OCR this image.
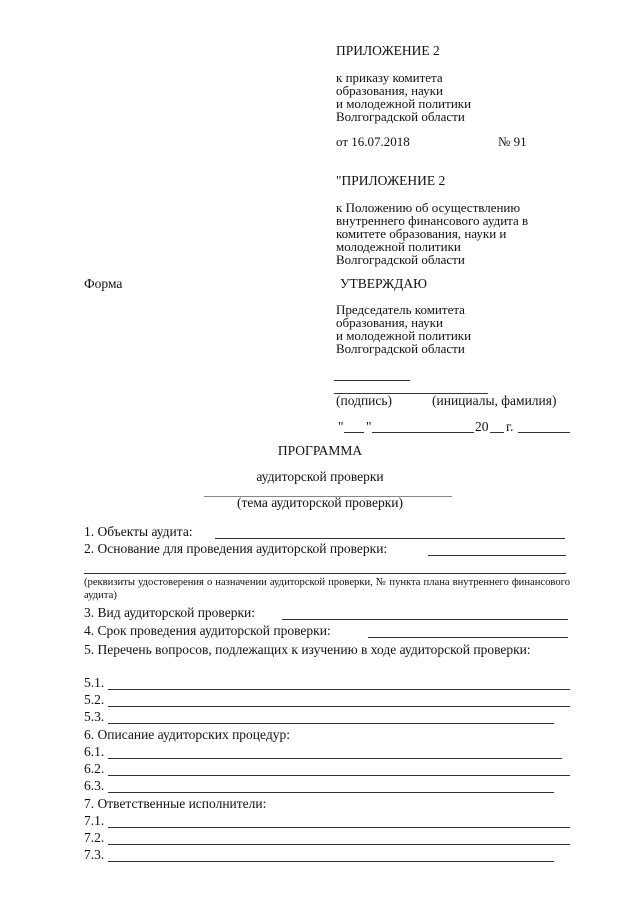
ПРИЛОЖЕНИЕ 2
к приказу комитета
образования, науки
и молодежной политики
Волгоградской области
от 16.07.2018	№ 91
"ПРИЛОЖЕНИЕ 2
к Положению об осуществлению
внутреннего финансового аудита в
комитете образования, науки и
молодежной политики
Волгоградской области
Форма	УТВЕРЖДАЮ
Председатель комитета
образования, науки
и молодежной политики
Волгоградской области
(подпись)	(инициалы, фамилия)
" "	20 г.
ПРОГРАММА
аудиторской проверки
(тема аудиторской проверки)
1. Объекты аудита:
2. Основание для проведения аудиторской проверки:
(реквизиты удостоверения о назначении аудиторской проверки, № пункта плана внутреннего финансового аудита)
3. Вид аудиторской проверки:
4. Срок проведения аудиторской проверки:
5. Перечень вопросов, подлежащих к изучению в ходе аудиторской проверки:
5.1.
5.2.
5.3.
6. Описание аудиторских процедур:
6.1.
6.2.
6.3.
7. Ответственные исполнители:
7.1.
7.2.
7.3.
